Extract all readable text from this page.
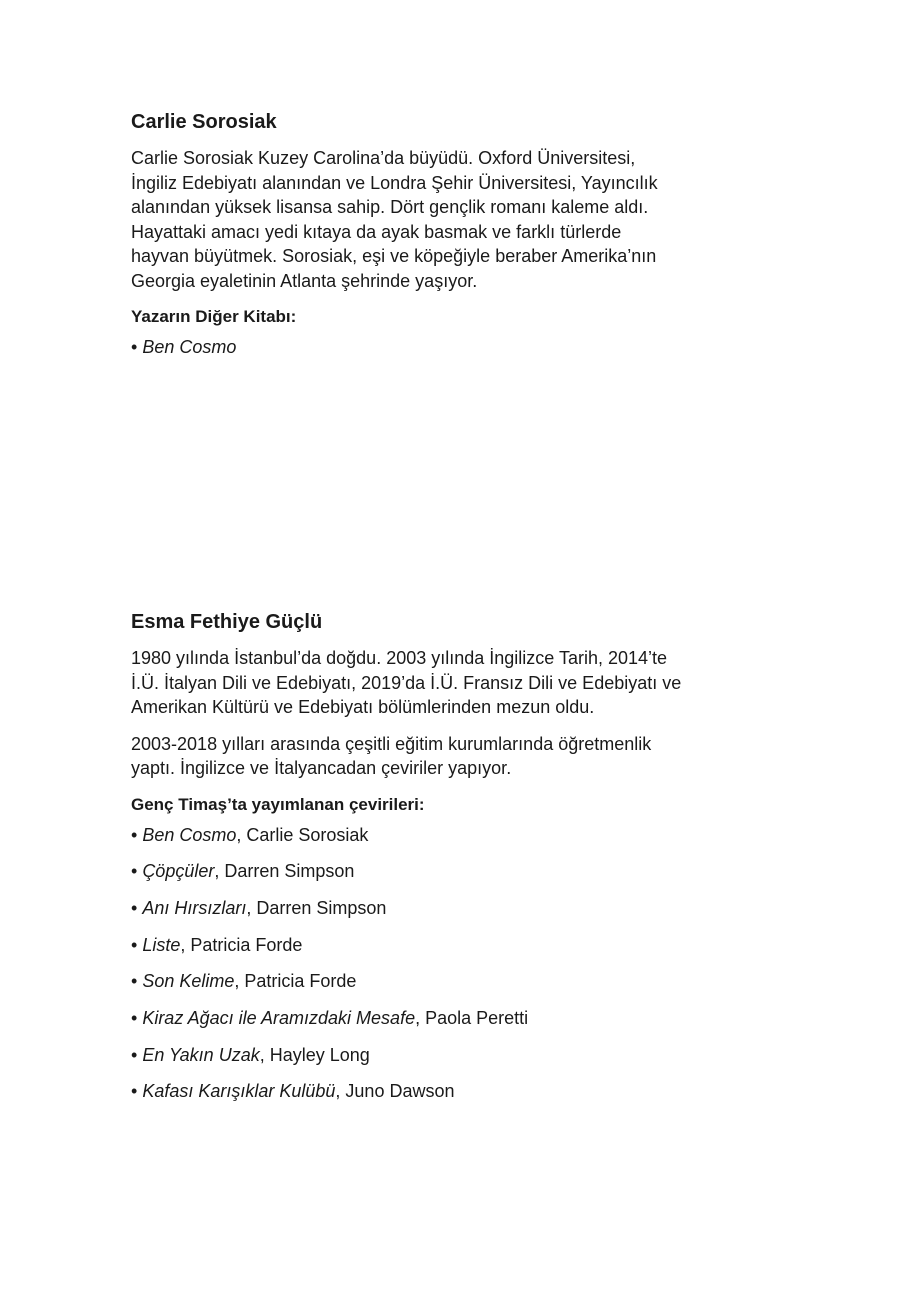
Carlie Sorosiak

Carlie Sorosiak Kuzey Carolina’da büyüdü. Oxford Üniversitesi,
İngiliz Edebiyatı alanından ve Londra Şehir Üniversitesi, Yayıncılık
alanından yüksek lisansa sahip. Dört gençlik romanı kaleme aldı.
Hayattaki amacı yedi kıtaya da ayak basmak ve farklı türlerde
hayvan büyütmek. Sorosiak, eşi ve köpeğiyle beraber Amerika’nın
Georgia eyaletinin Atlanta şehrinde yaşıyor.

Yazarın Diğer Kitabı:
• Ben Cosmo
Esma Fethiye Güçlü

1980 yılında İstanbul’da doğdu. 2003 yılında İngilizce Tarih, 2014’te
İ.Ü. İtalyan Dili ve Edebiyatı, 2019’da İ.Ü. Fransız Dili ve Edebiyatı ve
Amerikan Kültürü ve Edebiyatı bölümlerinden mezun oldu.

2003-2018 yılları arasında çeşitli eğitim kurumlarında öğretmenlik
yaptı. İngilizce ve İtalyancadan çeviriler yapıyor.

Genç Timaş’ta yayımlanan çevirileri:
• Ben Cosmo, Carlie Sorosiak
• Çöpçüler, Darren Simpson
• Anı Hırsızları, Darren Simpson
• Liste, Patricia Forde
• Son Kelime, Patricia Forde
• Kiraz Ağacı ile Aramızdaki Mesafe, Paola Peretti
• En Yakın Uzak, Hayley Long
• Kafası Karışıklar Kulübü, Juno Dawson
